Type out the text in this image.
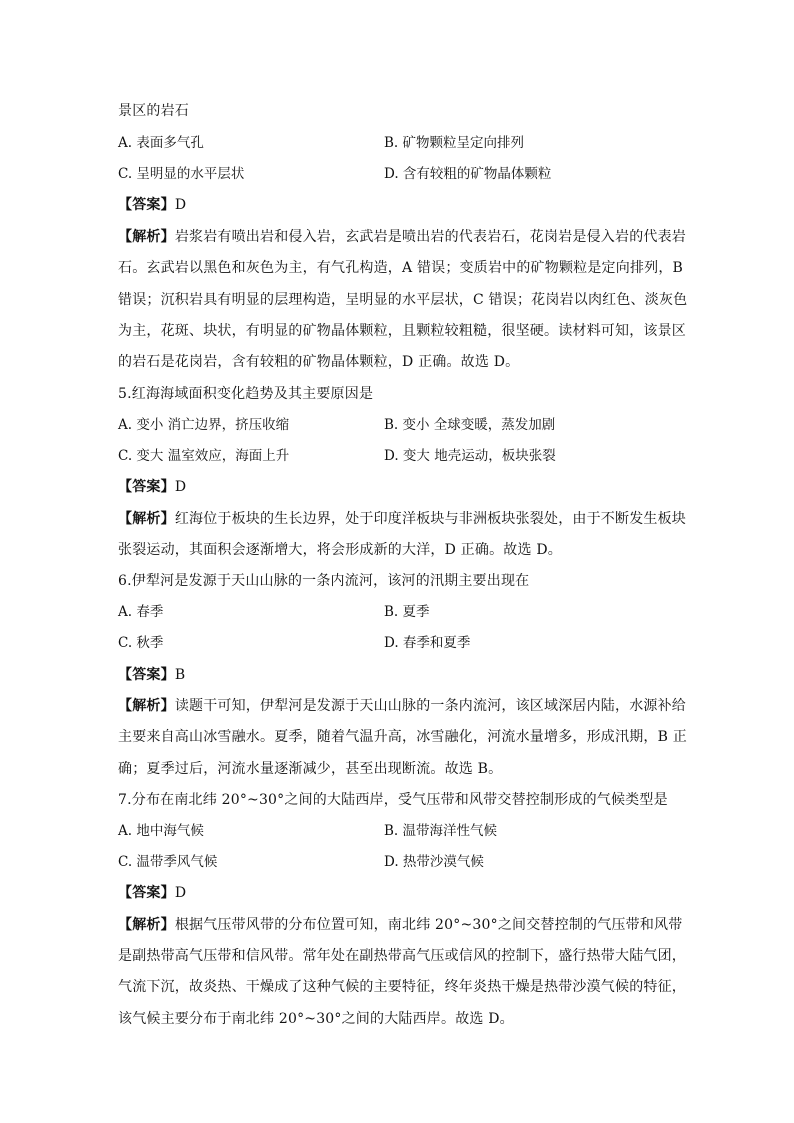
景区的岩石
A. 表面多气孔	B. 矿物颗粒呈定向排列
C. 呈明显的水平层状	D. 含有较粗的矿物晶体颗粒
【答案】D
【解析】岩浆岩有喷出岩和侵入岩，玄武岩是喷出岩的代表岩石，花岗岩是侵入岩的代表岩
石。玄武岩以黑色和灰色为主，有气孔构造，A 错误；变质岩中的矿物颗粒是定向排列，B
错误；沉积岩具有明显的层理构造，呈明显的水平层状，C 错误；花岗岩以肉红色、淡灰色
为主，花斑、块状，有明显的矿物晶体颗粒，且颗粒较粗糙，很坚硬。读材料可知，该景区
的岩石是花岗岩，含有较粗的矿物晶体颗粒，D 正确。故选 D。
5.红海海域面积变化趋势及其主要原因是
A. 变小 消亡边界，挤压收缩	B. 变小 全球变暖，蒸发加剧
C. 变大 温室效应，海面上升	D. 变大 地壳运动，板块张裂
【答案】D
【解析】红海位于板块的生长边界，处于印度洋板块与非洲板块张裂处，由于不断发生板块
张裂运动，其面积会逐渐增大，将会形成新的大洋，D 正确。故选 D。
6.伊犁河是发源于天山山脉的一条内流河，该河的汛期主要出现在
A. 春季	B. 夏季
C. 秋季	D. 春季和夏季
【答案】B
【解析】读题干可知，伊犁河是发源于天山山脉的一条内流河，该区域深居内陆，水源补给
主要来自高山冰雪融水。夏季，随着气温升高，冰雪融化，河流水量增多，形成汛期，B 正
确；夏季过后，河流水量逐渐减少，甚至出现断流。故选 B。
7.分布在南北纬 20°~30°之间的大陆西岸，受气压带和风带交替控制形成的气候类型是
A. 地中海气候	B. 温带海洋性气候
C. 温带季风气候	D. 热带沙漠气候
【答案】D
【解析】根据气压带风带的分布位置可知，南北纬 20°~30°之间交替控制的气压带和风带
是副热带高气压带和信风带。常年处在副热带高气压或信风的控制下，盛行热带大陆气团，
气流下沉，故炎热、干燥成了这种气候的主要特征，终年炎热干燥是热带沙漠气候的特征，
该气候主要分布于南北纬 20°~30°之间的大陆西岸。故选 D。
